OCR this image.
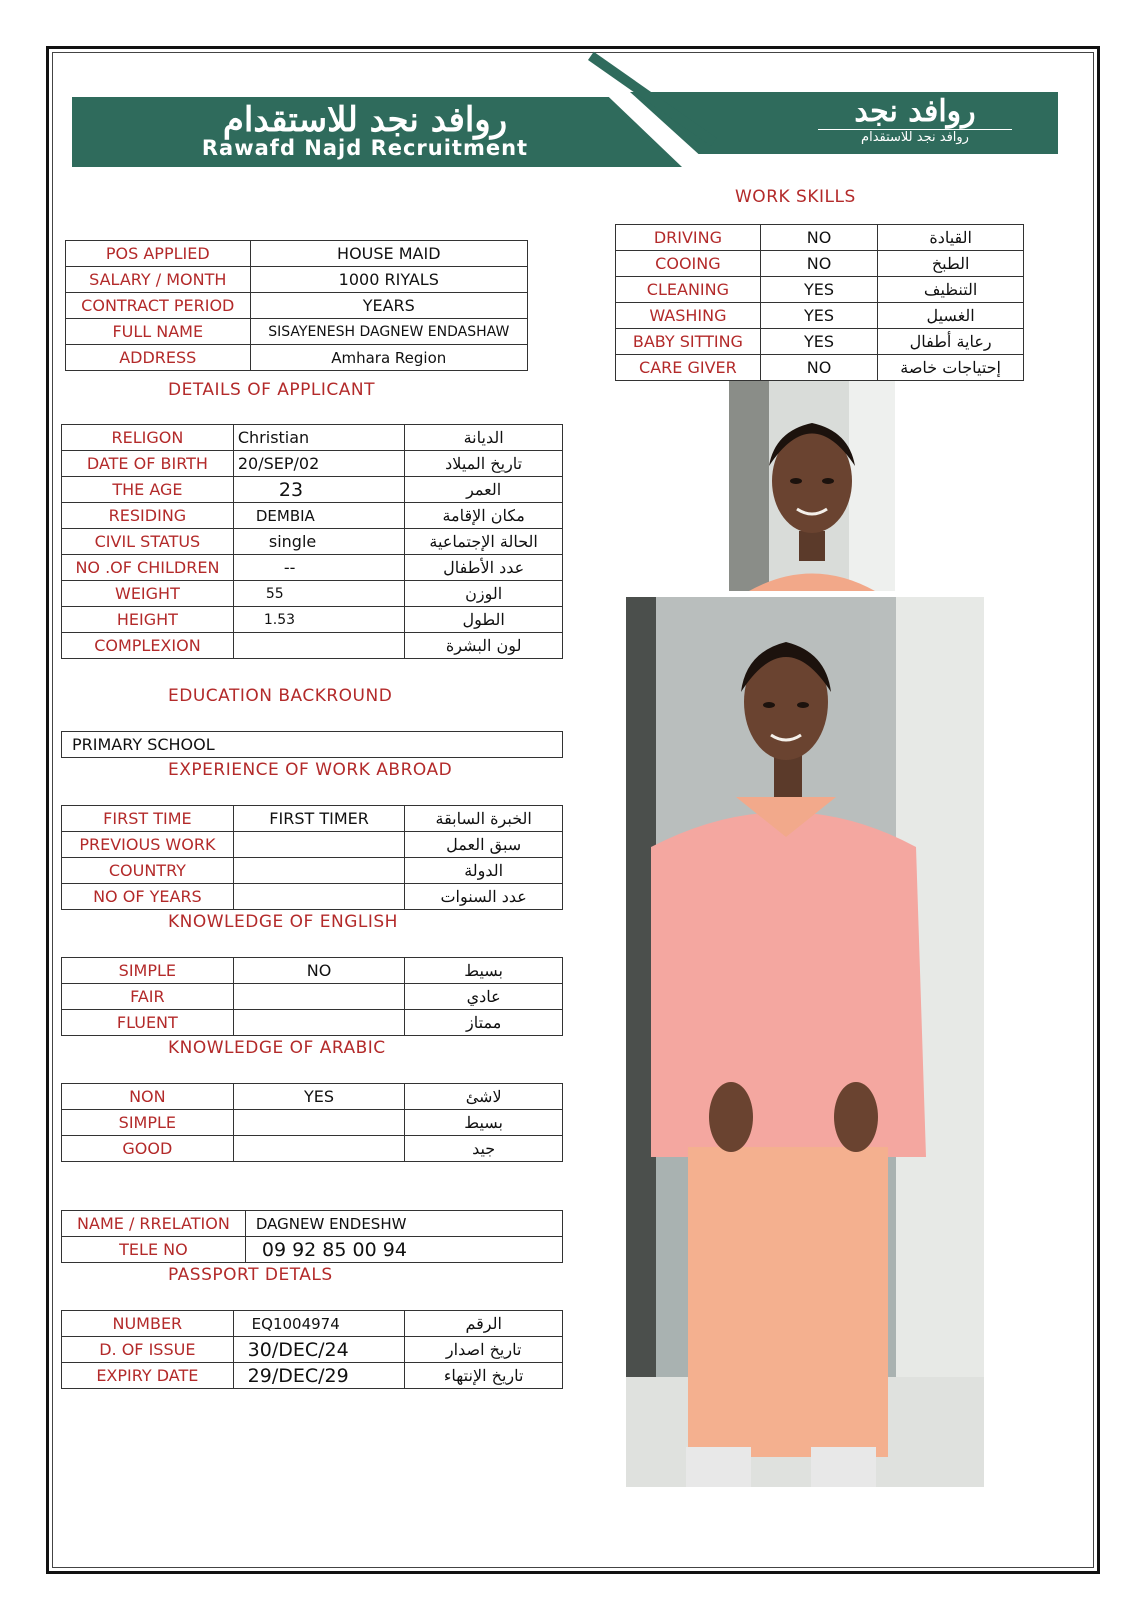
روافد نجد للاستقدام
Rawafd Najd Recruitment
روافد نجد
روافد نجد للاستقدام
POS APPLIED	HOUSE MAID
SALARY / MONTH	1000 RIYALS
CONTRACT PERIOD	YEARS
FULL NAME	SISAYENESH DAGNEW ENDASHAW
ADDRESS	Amhara Region
WORK SKILLS
DRIVING	NO	القيادة
COOING	NO	الطبخ
CLEANING	YES	التنظيف
WASHING	YES	الغسيل
BABY SITTING	YES	رعاية أطفال
CARE GIVER	NO	إحتياجات خاصة
DETAILS OF APPLICANT
RELIGON	Christian	الديانة
DATE OF BIRTH	20/SEP/02	تاريخ الميلاد
THE AGE	23	العمر
RESIDING	DEMBIA	مكان الإقامة
CIVIL STATUS	single	الحالة الإجتماعية
NO .OF CHILDREN	--	عدد الأطفال
WEIGHT	55	الوزن
HEIGHT	1.53	الطول
COMPLEXION		لون البشرة
EDUCATION BACKROUND
PRIMARY SCHOOL
EXPERIENCE OF WORK ABROAD
FIRST TIME	FIRST TIMER	الخبرة السابقة
PREVIOUS WORK		سبق العمل
COUNTRY		الدولة
NO OF YEARS		عدد السنوات
KNOWLEDGE OF ENGLISH
SIMPLE	NO	بسيط
FAIR		عادي
FLUENT		ممتاز
KNOWLEDGE OF ARABIC
NON	YES	لاشئ
SIMPLE		بسيط
GOOD		جيد
NAME / RRELATION	DAGNEW ENDESHW
TELE NO	09 92 85 00 94
PASSPORT DETALS
NUMBER	EQ1004974	الرقم
D. OF ISSUE	30/DEC/24	تاريخ اصدار
EXPIRY DATE	29/DEC/29	تاريخ الإنتهاء
